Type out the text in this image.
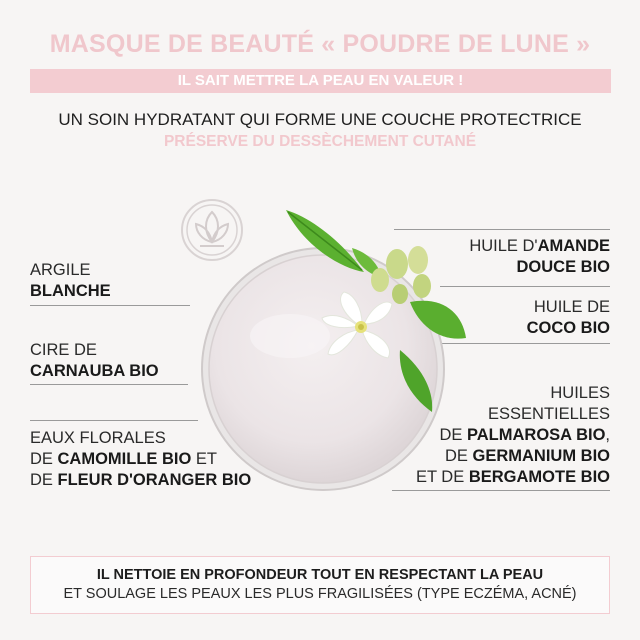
MASQUE DE BEAUTÉ « POUDRE DE LUNE »
IL SAIT METTRE LA PEAU EN VALEUR !
UN SOIN HYDRATANT QUI FORME UNE COUCHE PROTECTRICE
PRÉSERVE DU DESSÈCHEMENT CUTANÉ
ARGILE
BLANCHE
CIRE DE
CARNAUBA BIO
EAUX FLORALES
DE CAMOMILLE BIO ET
DE FLEUR D'ORANGER BIO
HUILE D'AMANDE
DOUCE BIO
HUILE DE
COCO BIO
HUILES
ESSENTIELLES
DE PALMAROSA BIO,
DE GERMANIUM BIO
ET DE BERGAMOTE BIO
IL NETTOIE EN PROFONDEUR TOUT EN RESPECTANT LA PEAU
ET SOULAGE LES PEAUX LES PLUS FRAGILISÉES (TYPE ECZÉMA, ACNÉ)
